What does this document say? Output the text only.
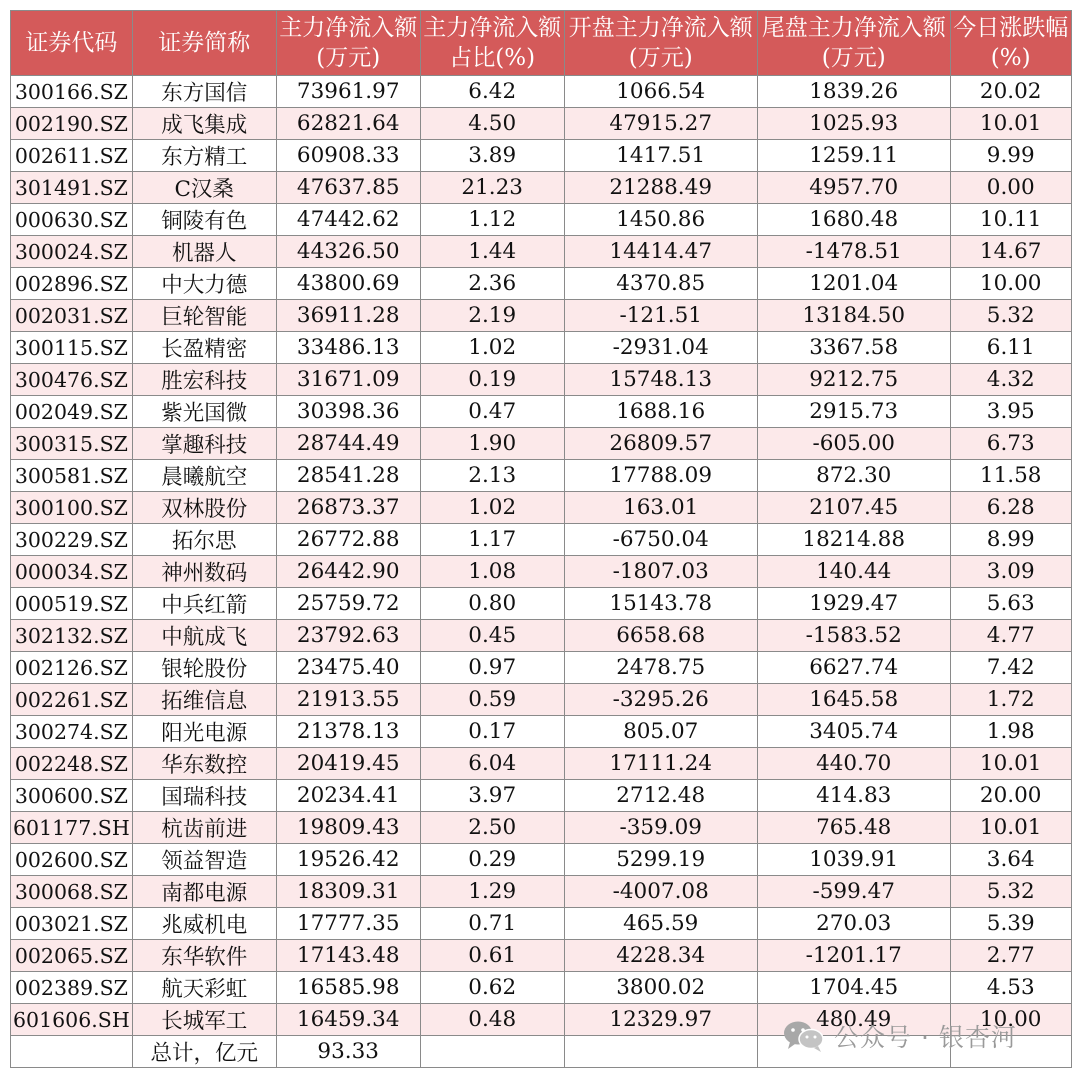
证券代码	证券简称	主力净流入额(万元)	主力净流入额占比(%)	开盘主力净流入额(万元)	尾盘主力净流入额(万元)	今日涨跌幅(%)
300166.SZ	东方国信	73961.97	6.42	1066.54	1839.26	20.02
002190.SZ	成飞集成	62821.64	4.50	47915.27	1025.93	10.01
002611.SZ	东方精工	60908.33	3.89	1417.51	1259.11	9.99
301491.SZ	C汉桑	47637.85	21.23	21288.49	4957.70	0.00
000630.SZ	铜陵有色	47442.62	1.12	1450.86	1680.48	10.11
300024.SZ	机器人	44326.50	1.44	14414.47	-1478.51	14.67
002896.SZ	中大力德	43800.69	2.36	4370.85	1201.04	10.00
002031.SZ	巨轮智能	36911.28	2.19	-121.51	13184.50	5.32
300115.SZ	长盈精密	33486.13	1.02	-2931.04	3367.58	6.11
300476.SZ	胜宏科技	31671.09	0.19	15748.13	9212.75	4.32
002049.SZ	紫光国微	30398.36	0.47	1688.16	2915.73	3.95
300315.SZ	掌趣科技	28744.49	1.90	26809.57	-605.00	6.73
300581.SZ	晨曦航空	28541.28	2.13	17788.09	872.30	11.58
300100.SZ	双林股份	26873.37	1.02	163.01	2107.45	6.28
300229.SZ	拓尔思	26772.88	1.17	-6750.04	18214.88	8.99
000034.SZ	神州数码	26442.90	1.08	-1807.03	140.44	3.09
000519.SZ	中兵红箭	25759.72	0.80	15143.78	1929.47	5.63
302132.SZ	中航成飞	23792.63	0.45	6658.68	-1583.52	4.77
002126.SZ	银轮股份	23475.40	0.97	2478.75	6627.74	7.42
002261.SZ	拓维信息	21913.55	0.59	-3295.26	1645.58	1.72
300274.SZ	阳光电源	21378.13	0.17	805.07	3405.74	1.98
002248.SZ	华东数控	20419.45	6.04	17111.24	440.70	10.01
300600.SZ	国瑞科技	20234.41	3.97	2712.48	414.83	20.00
601177.SH	杭齿前进	19809.43	2.50	-359.09	765.48	10.01
002600.SZ	领益智造	19526.42	0.29	5299.19	1039.91	3.64
300068.SZ	南都电源	18309.31	1.29	-4007.08	-599.47	5.32
003021.SZ	兆威机电	17777.35	0.71	465.59	270.03	5.39
002065.SZ	东华软件	17143.48	0.61	4228.34	-1201.17	2.77
002389.SZ	航天彩虹	16585.98	0.62	3800.02	1704.45	4.53
601606.SH	长城军工	16459.34	0.48	12329.97	480.49	10.00
	总计，亿元	93.33					公众号 · 银杏河
